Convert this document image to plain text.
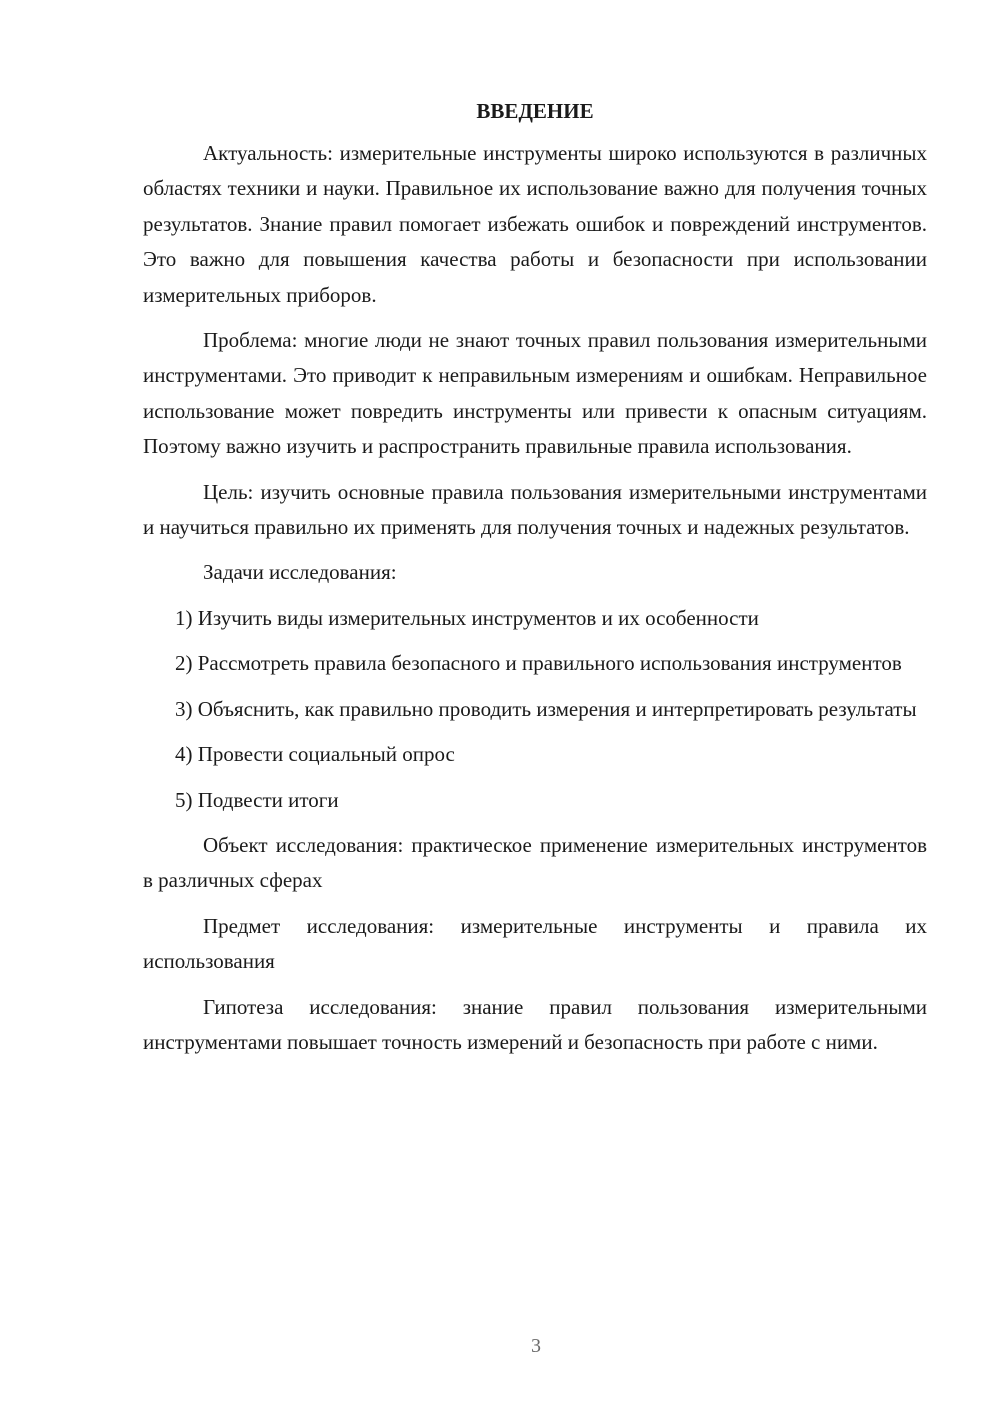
ВВЕДЕНИЕ

Актуальность: измерительные инструменты широко используются в различных областях техники и науки. Правильное их использование важно для получения точных результатов. Знание правил помогает избежать ошибок и повреждений инструментов. Это важно для повышения качества работы и безопасности при использовании измерительных приборов.

Проблема: многие люди не знают точных правил пользования измерительными инструментами. Это приводит к неправильным измерениям и ошибкам. Неправильное использование может повредить инструменты или привести к опасным ситуациям. Поэтому важно изучить и распространить правильные правила использования.

Цель: изучить основные правила пользования измерительными инструментами и научиться правильно их применять для получения точных и надежных результатов.

Задачи исследования:

1) Изучить виды измерительных инструментов и их особенности

2) Рассмотреть правила безопасного и правильного использования инструментов

3) Объяснить, как правильно проводить измерения и интерпретировать результаты

4) Провести социальный опрос

5) Подвести итоги

Объект исследования: практическое применение измерительных инструментов в различных сферах

Предмет исследования: измерительные инструменты и правила их использования

Гипотеза исследования: знание правил пользования измерительными инструментами повышает точность измерений и безопасность при работе с ними.

3
